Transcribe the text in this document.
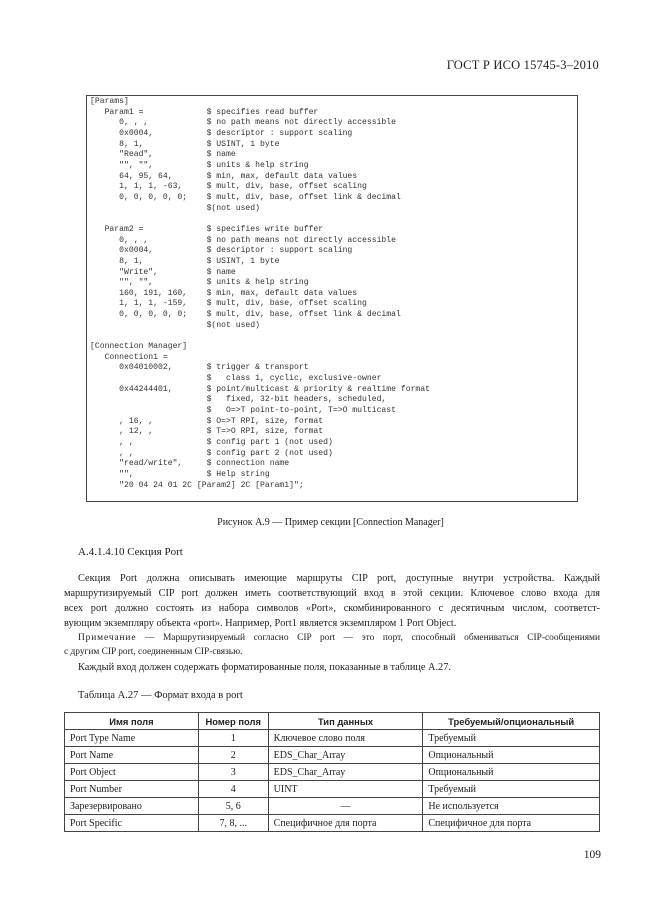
ГОСТ Р ИСО 15745-3–2010
[Params]
Param1 =             $ specifies read buffer
0, , ,            $ no path means not directly accessible
0x0004,           $ descriptor : support scaling
8, 1,             $ USINT, 1 byte
"Read",           $ name
"", "",           $ units & help string
64, 95, 64,       $ min, max, default data values
1, 1, 1, -63,     $ mult, div, base, offset scaling
0, 0, 0, 0, 0;    $ mult, div, base, offset link & decimal
$(not used)

Param2 =             $ specifies write buffer
0, , ,            $ no path means not directly accessible
0x0004,           $ descriptor : support scaling
8, 1,             $ USINT, 1 byte
"Write",          $ name
"", "",           $ units & help string
160, 191, 160,    $ min, max, default data values
1, 1, 1, -159,    $ mult, div, base, offset scaling
0, 0, 0, 0, 0;    $ mult, div, base, offset link & decimal
$(not used)

[Connection Manager]
Connection1 =
0x04010002,       $ trigger & transport
$   class 1, cyclic, exclusive-owner
0x44244401,       $ point/multicast & priority & realtime format
$   fixed, 32-bit headers, scheduled,
$   O=>T point-to-point, T=>O multicast
, 16, ,           $ O=>T RPI, size, format
, 12, ,           $ T=>O RPI, size, format
, ,               $ config part 1 (not used)
, ,               $ config part 2 (not used)
"read/write",     $ connection name
"",               $ Help string
"20 04 24 01 2C [Param2] 2C [Param1]";

Рисунок А.9 — Пример секции [Connection Manager]
А.4.1.4.10 Секция Port

Секция Port должна описывать имеющие маршруты CIP port, доступные внутри устройства. Каждый
маршрутизируемый CIP port должен иметь соответствующий вход в этой секции. Ключевое слово входа для
всех port должно состоять из набора символов «Port», скомбинированного с десятичным числом, соответст-
вующим экземпляру объекта «port». Например, Port1 является экземпляром 1 Port Object.

Примечание — Маршрутизируемый согласно CIP port — это порт, способный обмениваться CIP-сообщениями
с другим CIP port, соединенным CIP-связью.

Каждый вход должен содержать форматированные поля, показанные в таблице А.27.

Таблица А.27 — Формат входа в port
Имя поля	Номер поля	Тип данных	Требуемый/опциональный
Port Type Name	1	Ключевое слово поля	Требуемый
Port Name	2	EDS_Char_Array	Опциональный
Port Object	3	EDS_Char_Array	Опциональный
Port Number	4	UINT	Требуемый
Зарезервировано	5, 6	—	Не используется
Port Specific	7, 8, ...	Специфичное для порта	Специфичное для порта
109
